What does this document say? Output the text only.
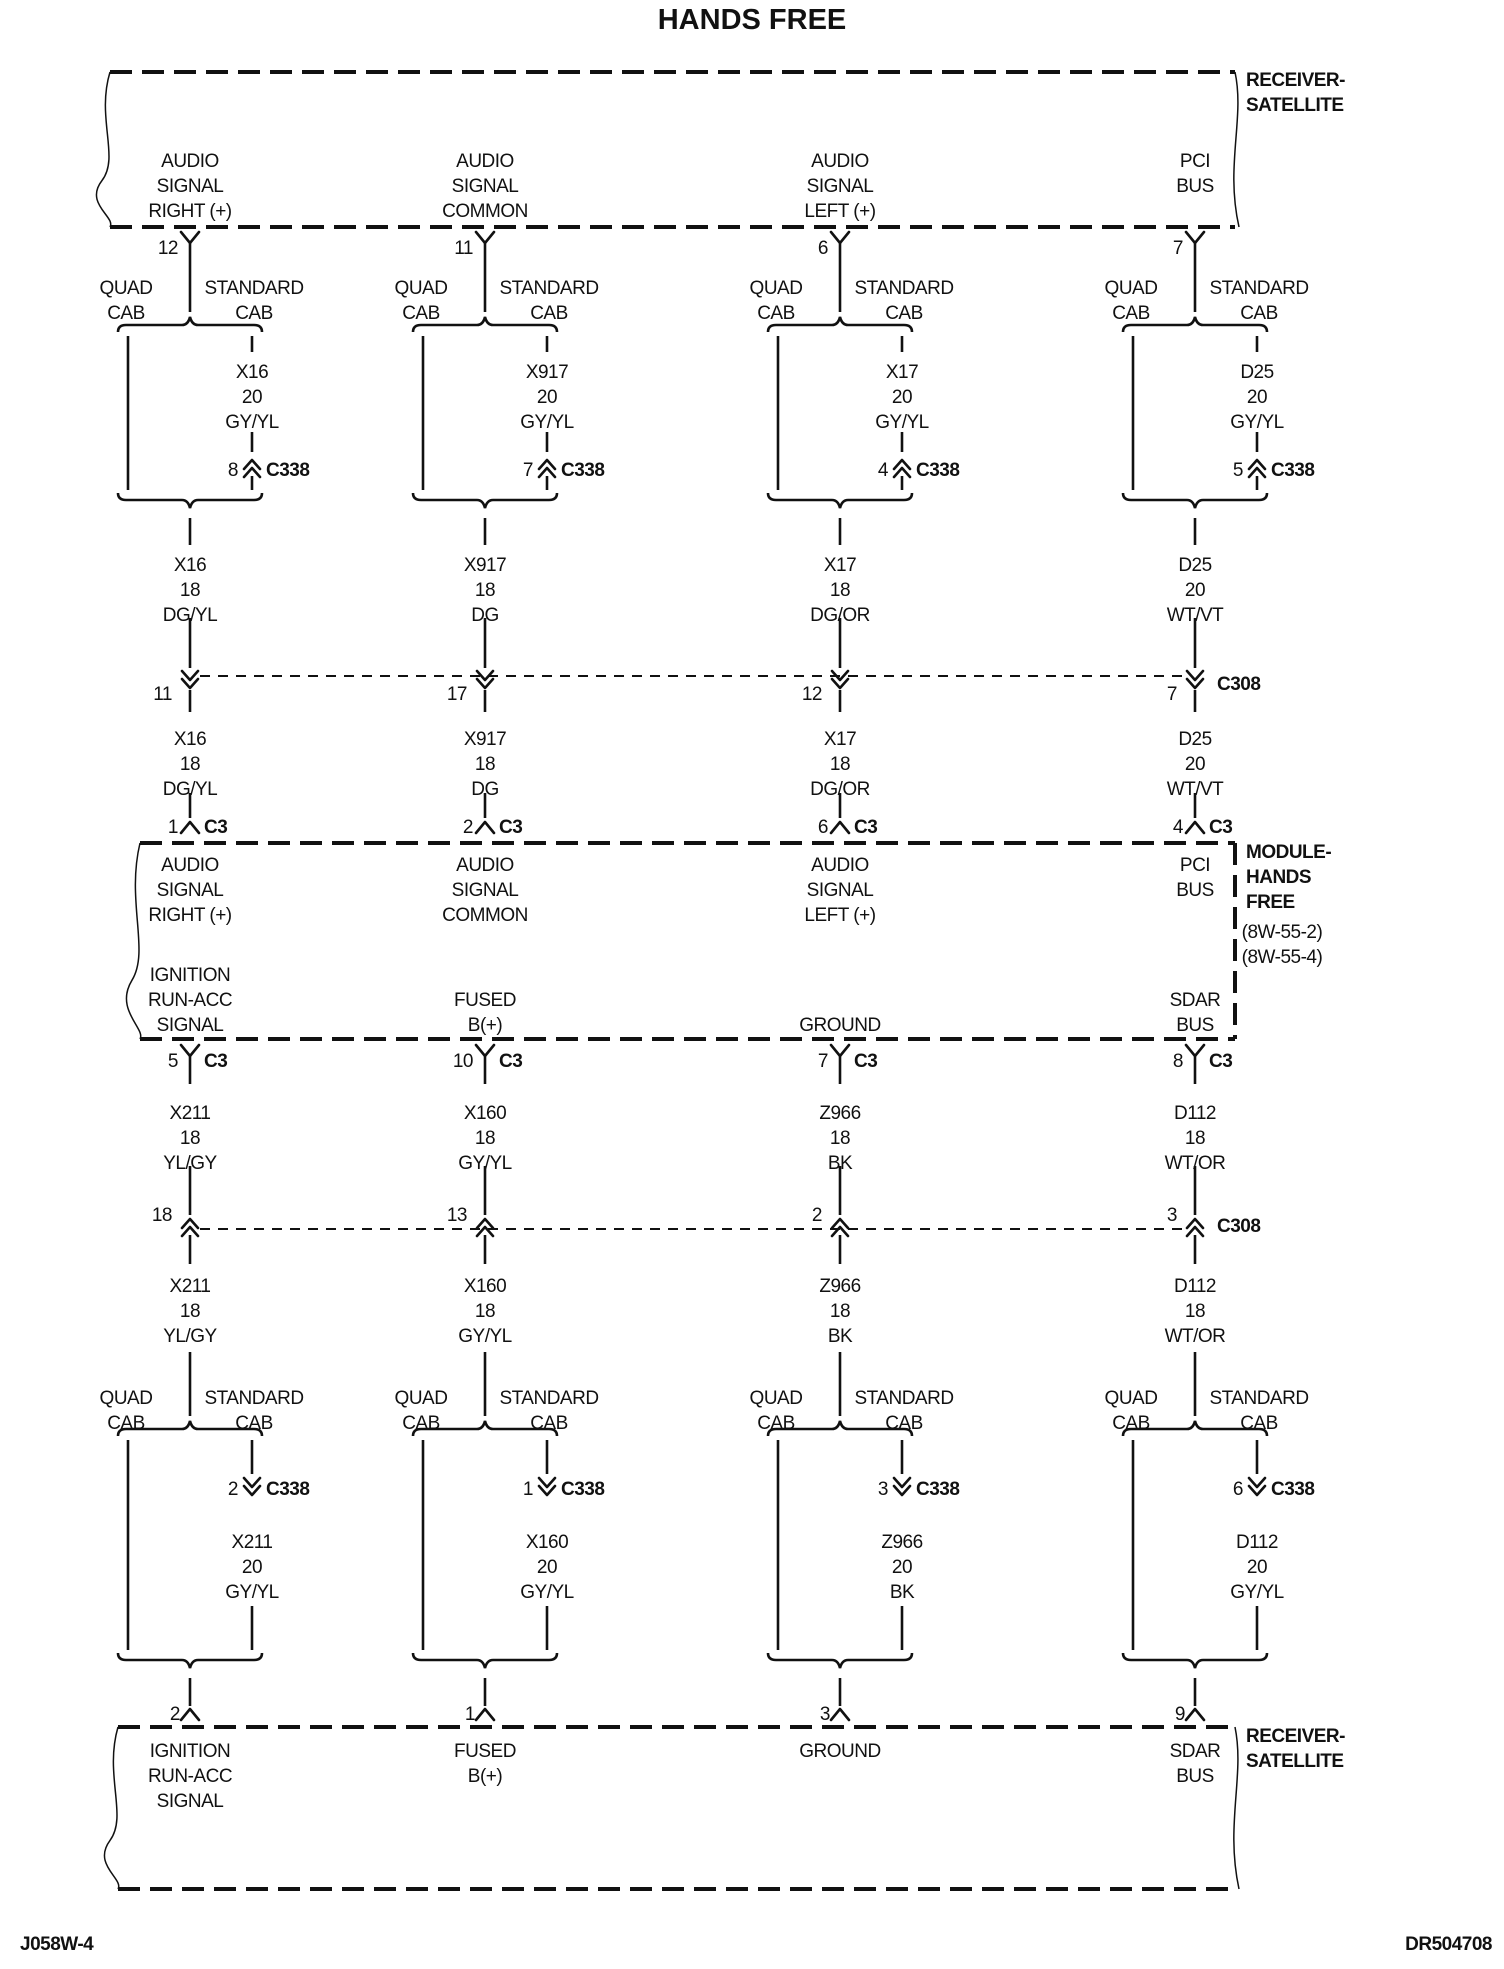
HANDS FREE
J058W-4	DR504708
RECEIVER-
SATELLITE
MODULE-
HANDS
FREE
(8W-55-2)
(8W-55-4)
RECEIVER-
SATELLITE
AUDIO
SIGNAL
RIGHT (+)
12
QUAD
CAB
STANDARD
CAB
X16
20
GY/YL
8 C338
X16
18
DG/YL
11
X16
18
DG/YL
1 C3
AUDIO
SIGNAL
RIGHT (+)
AUDIO
SIGNAL
COMMON
11
QUAD
CAB
STANDARD
CAB
X917
20
GY/YL
7 C338
X917
18
DG
17
X917
18
DG
2 C3
AUDIO
SIGNAL
COMMON
AUDIO
SIGNAL
LEFT (+)
6
QUAD
CAB
STANDARD
CAB
X17
20
GY/YL
4 C338
X17
18
DG/OR
12
X17
18
DG/OR
6 C3
AUDIO
SIGNAL
LEFT (+)
PCI
BUS
7
QUAD
CAB
STANDARD
CAB
D25
20
GY/YL
5 C338
D25
20
WT/VT
7
D25
20
WT/VT
4 C3
PCI
BUS
C308
IGNITION
RUN-ACC
SIGNAL
5 C3
X211
18
YL/GY
18
X211
18
YL/GY
QUAD
CAB
STANDARD
CAB
2 C338
X211
20
GY/YL
2
IGNITION
RUN-ACC
SIGNAL
FUSED
B(+)
10 C3
X160
18
GY/YL
13
X160
18
GY/YL
QUAD
CAB
STANDARD
CAB
1 C338
X160
20
GY/YL
1
FUSED
B(+)
GROUND
7 C3
Z966
18
BK
2
Z966
18
BK
QUAD
CAB
STANDARD
CAB
3 C338
Z966
20
BK
3
GROUND
SDAR
BUS
8 C3
D112
18
WT/OR
3
D112
18
WT/OR
QUAD
CAB
STANDARD
CAB
6 C338
D112
20
GY/YL
9
SDAR
BUS
C308
